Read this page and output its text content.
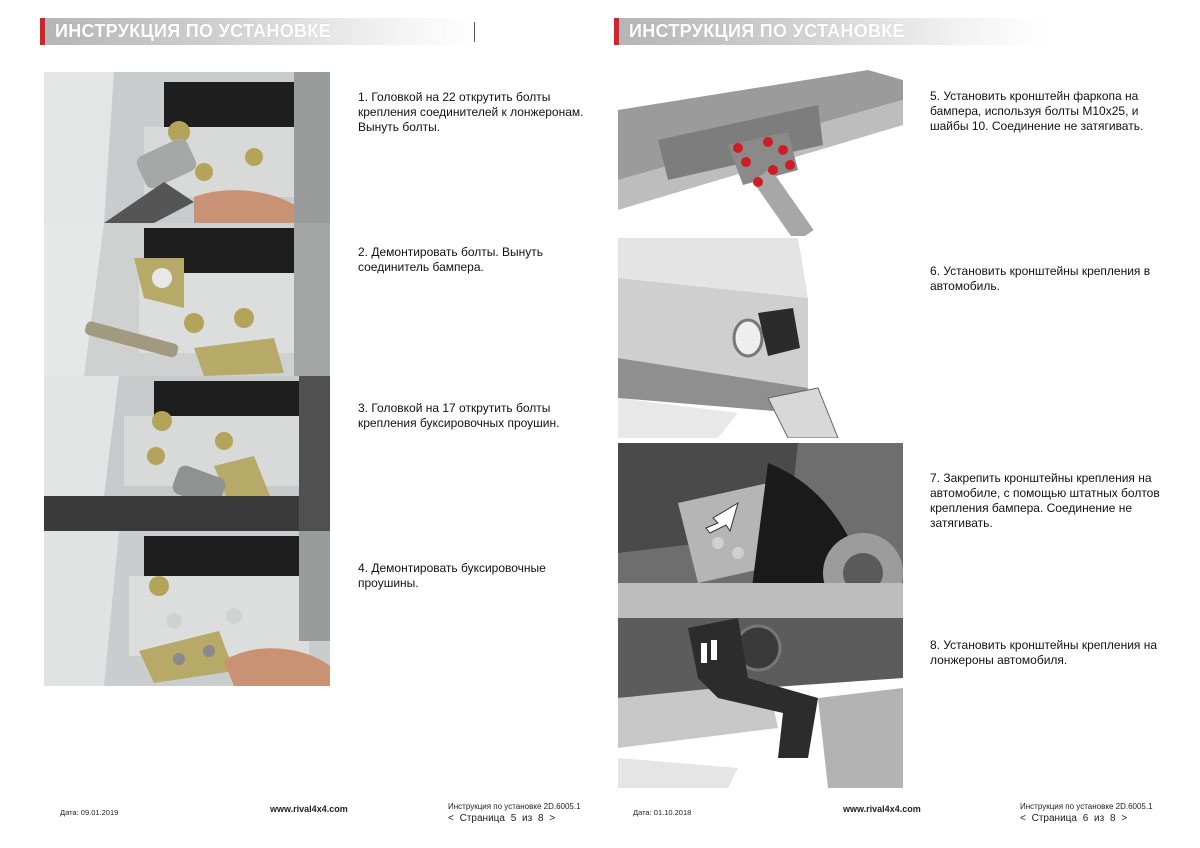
ИНСТРУКЦИЯ ПО УСТАНОВКЕ
1. Головкой на 22 открутить болты крепления соединителей к лонжеронам. Вынуть болты.
2. Демонтировать болты. Вынуть соединитель бампера.
3. Головкой на 17 открутить болты крепления буксировочных проушин.
4. Демонтировать буксировочные проушины.
Дата: 09.01.2019	www.rival4x4.com	Инструкция по установке 2D.6005.1
< Страница 5 из 8 >
ИНСТРУКЦИЯ ПО УСТАНОВКЕ
5. Установить кронштейн фаркопа на бампера, используя болты М10х25, и шайбы 10. Соединение не затягивать.
6. Установить кронштейны крепления в автомобиль.
7. Закрепить кронштейны крепления на автомобиле, с помощью штатных болтов крепления бампера. Соединение не затягивать.
8. Установить кронштейны крепления на лонжероны автомобиля.
Дата: 01.10.2018	www.rival4x4.com	Инструкция по установке 2D.6005.1
< Страница 6 из 8 >
